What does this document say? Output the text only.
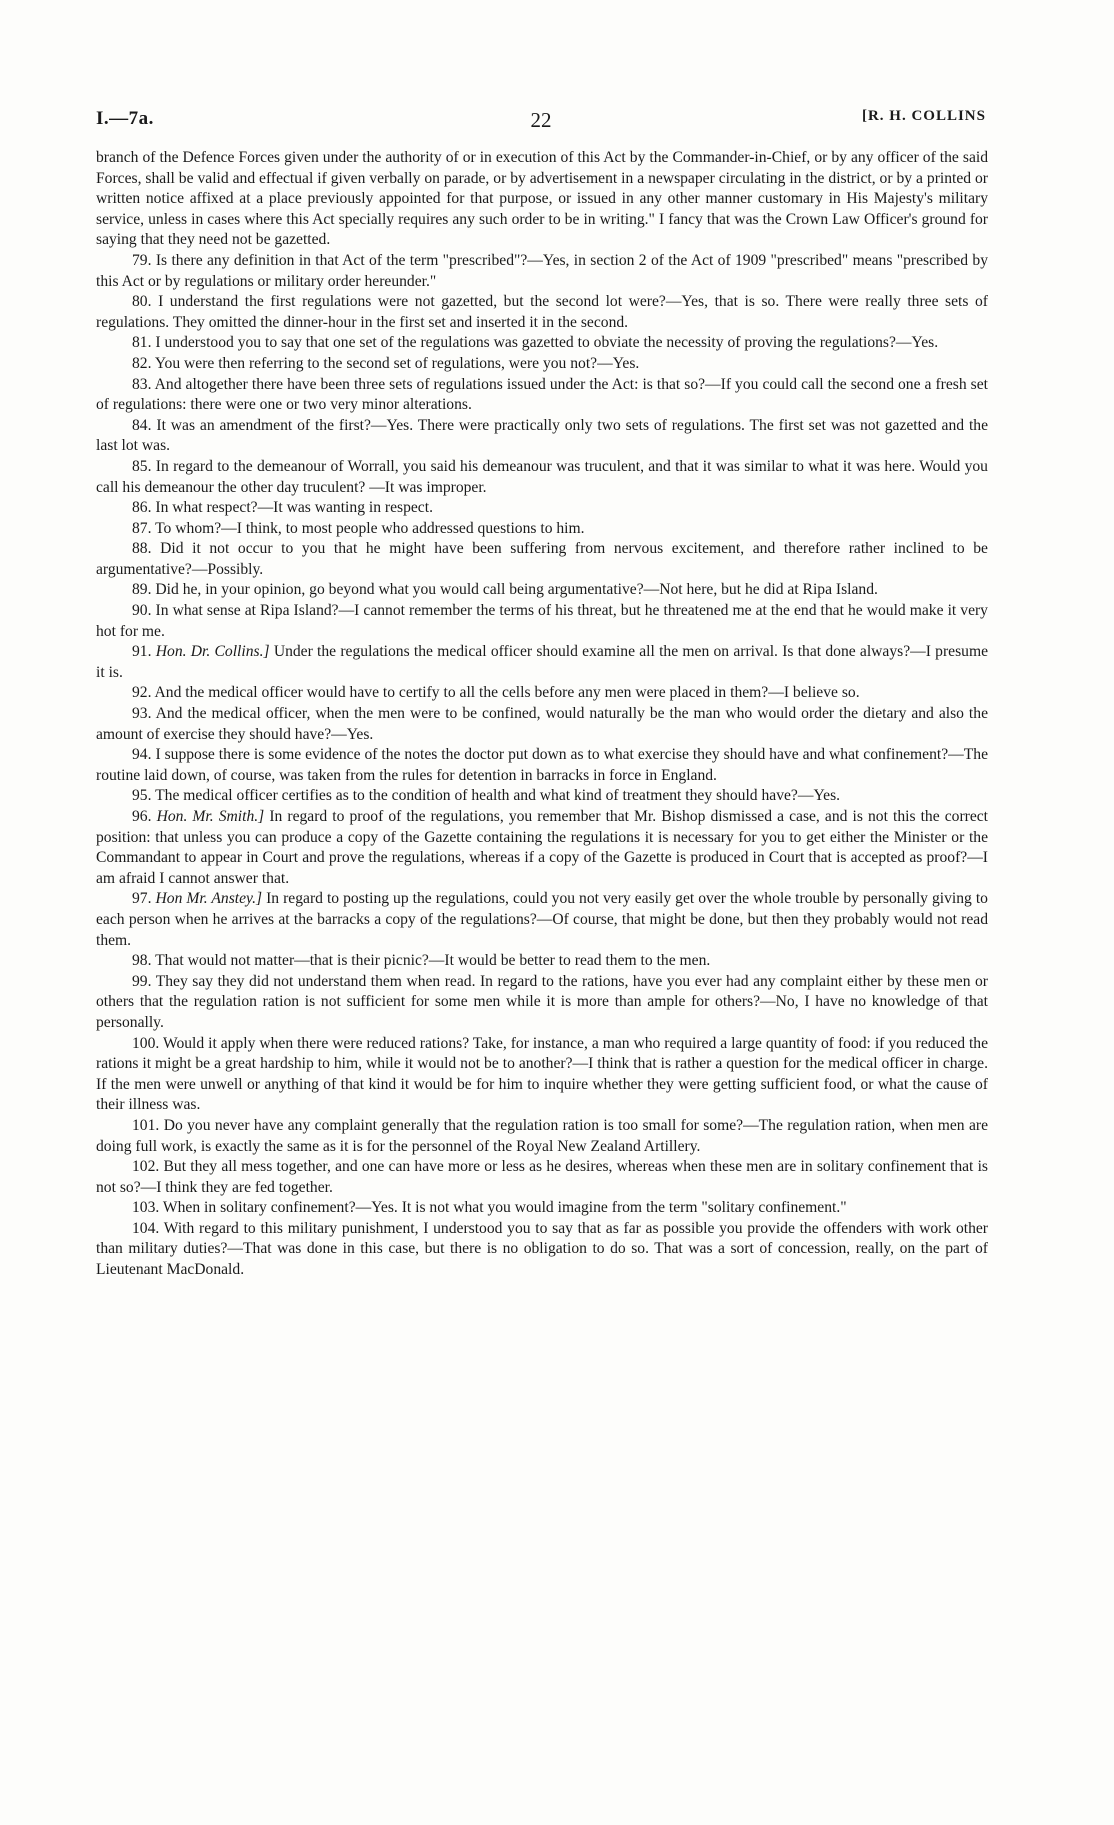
I.—7a.	22	[R. H. COLLINS

branch of the Defence Forces given under the authority of or in execution of this Act by the Commander-in-Chief, or by any officer of the said Forces, shall be valid and effectual if given verbally on parade, or by advertisement in a newspaper circulating in the district, or by a printed or written notice affixed at a place previously appointed for that purpose, or issued in any other manner customary in His Majesty's military service, unless in cases where this Act specially requires any such order to be in writing." I fancy that was the Crown Law Officer's ground for saying that they need not be gazetted.

79. Is there any definition in that Act of the term "prescribed"?—Yes, in section 2 of the Act of 1909 "prescribed" means "prescribed by this Act or by regulations or military order hereunder."

80. I understand the first regulations were not gazetted, but the second lot were?—Yes, that is so. There were really three sets of regulations. They omitted the dinner-hour in the first set and inserted it in the second.

81. I understood you to say that one set of the regulations was gazetted to obviate the necessity of proving the regulations?—Yes.

82. You were then referring to the second set of regulations, were you not?—Yes.

83. And altogether there have been three sets of regulations issued under the Act: is that so?—If you could call the second one a fresh set of regulations: there were one or two very minor alterations.

84. It was an amendment of the first?—Yes. There were practically only two sets of regulations. The first set was not gazetted and the last lot was.

85. In regard to the demeanour of Worrall, you said his demeanour was truculent, and that it was similar to what it was here. Would you call his demeanour the other day truculent? —It was improper.

86. In what respect?—It was wanting in respect.

87. To whom?—I think, to most people who addressed questions to him.

88. Did it not occur to you that he might have been suffering from nervous excitement, and therefore rather inclined to be argumentative?—Possibly.

89. Did he, in your opinion, go beyond what you would call being argumentative?—Not here, but he did at Ripa Island.

90. In what sense at Ripa Island?—I cannot remember the terms of his threat, but he threatened me at the end that he would make it very hot for me.

91. Hon. Dr. Collins.] Under the regulations the medical officer should examine all the men on arrival. Is that done always?—I presume it is.

92. And the medical officer would have to certify to all the cells before any men were placed in them?—I believe so.

93. And the medical officer, when the men were to be confined, would naturally be the man who would order the dietary and also the amount of exercise they should have?—Yes.

94. I suppose there is some evidence of the notes the doctor put down as to what exercise they should have and what confinement?—The routine laid down, of course, was taken from the rules for detention in barracks in force in England.

95. The medical officer certifies as to the condition of health and what kind of treatment they should have?—Yes.

96. Hon. Mr. Smith.] In regard to proof of the regulations, you remember that Mr. Bishop dismissed a case, and is not this the correct position: that unless you can produce a copy of the Gazette containing the regulations it is necessary for you to get either the Minister or the Commandant to appear in Court and prove the regulations, whereas if a copy of the Gazette is produced in Court that is accepted as proof?—I am afraid I cannot answer that.

97. Hon Mr. Anstey.] In regard to posting up the regulations, could you not very easily get over the whole trouble by personally giving to each person when he arrives at the barracks a copy of the regulations?—Of course, that might be done, but then they probably would not read them.

98. That would not matter—that is their picnic?—It would be better to read them to the men.

99. They say they did not understand them when read. In regard to the rations, have you ever had any complaint either by these men or others that the regulation ration is not sufficient for some men while it is more than ample for others?—No, I have no knowledge of that personally.

100. Would it apply when there were reduced rations? Take, for instance, a man who required a large quantity of food: if you reduced the rations it might be a great hardship to him, while it would not be to another?—I think that is rather a question for the medical officer in charge. If the men were unwell or anything of that kind it would be for him to inquire whether they were getting sufficient food, or what the cause of their illness was.

101. Do you never have any complaint generally that the regulation ration is too small for some?—The regulation ration, when men are doing full work, is exactly the same as it is for the personnel of the Royal New Zealand Artillery.

102. But they all mess together, and one can have more or less as he desires, whereas when these men are in solitary confinement that is not so?—I think they are fed together.

103. When in solitary confinement?—Yes. It is not what you would imagine from the term "solitary confinement."

104. With regard to this military punishment, I understood you to say that as far as possible you provide the offenders with work other than military duties?—That was done in this case, but there is no obligation to do so. That was a sort of concession, really, on the part of Lieutenant MacDonald.
